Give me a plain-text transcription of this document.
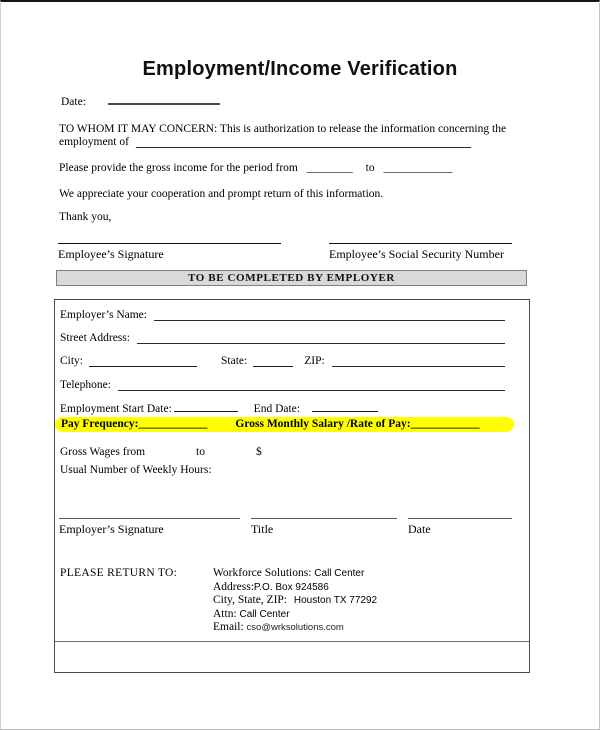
Employment/Income Verification
Date:
TO WHOM IT MAY CONCERN: This is authorization to release the information concerning the
employment of
Please provide the gross income for the period from ________ to ____________
We appreciate your cooperation and prompt return of this information.
Thank you,
Employee’s Signature	Employee’s Social Security Number
TO BE COMPLETED BY EMPLOYER
Employer’s Name:
Street Address:
City:	State:	ZIP:
Telephone:
Employment Start Date:	End Date:
Pay Frequency:____________ Gross Monthly Salary /Rate of Pay:____________
Gross Wages from	to	$
Usual Number of Weekly Hours:
Employer’s Signature	Title	Date
PLEASE RETURN TO:	Workforce Solutions: Call Center
Address:P.O. Box 924586
City, State, ZIP: Houston TX 77292
Attn: Call Center
Email: cso@wrksolutions.com
